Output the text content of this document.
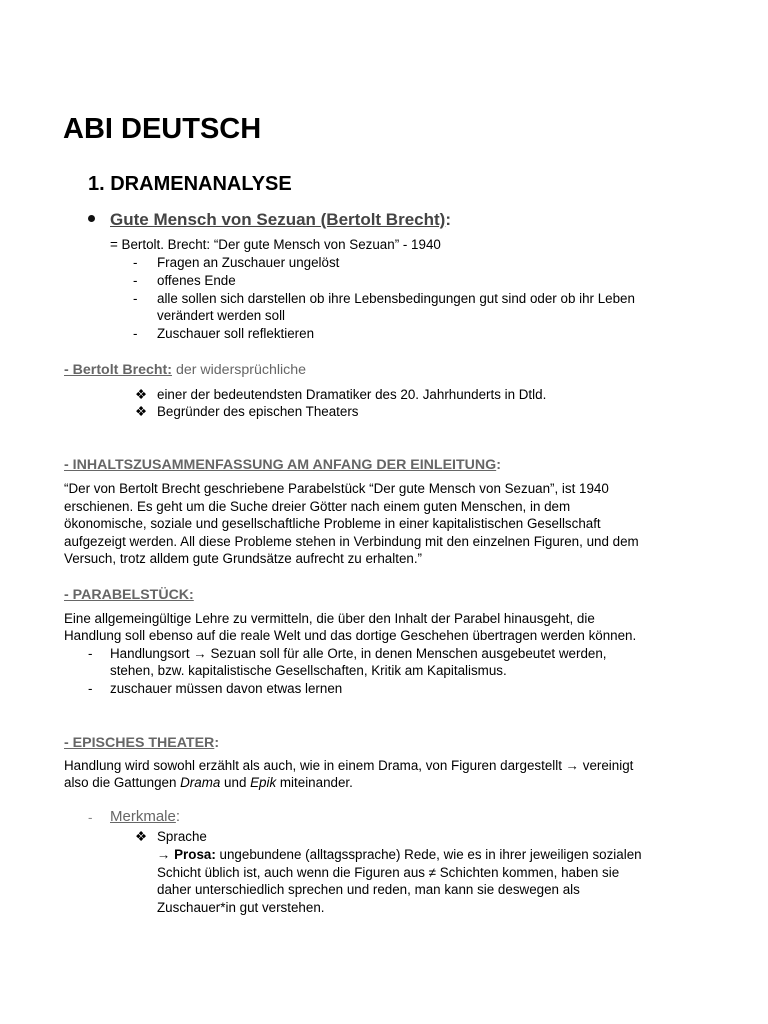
ABI DEUTSCH
1. DRAMENANALYSE
Gute Mensch von Sezuan (Bertolt Brecht):

= Bertolt. Brecht: “Der gute Mensch von Sezuan” - 1940

- Fragen an Zuschauer ungelöst

- offenes Ende

- alle sollen sich darstellen ob ihre Lebensbedingungen gut sind oder ob ihr Leben

verändert werden soll

- Zuschauer soll reflektieren

- Bertolt Brecht: der widersprüchliche
❖ einer der bedeutendsten Dramatiker des 20. Jahrhunderts in Dtld.

❖ Begründer des epischen Theaters

- INHALTSZUSAMMENFASSUNG AM ANFANG DER EINLEITUNG:

“Der von Bertolt Brecht geschriebene Parabelstück “Der gute Mensch von Sezuan”, ist 1940

erschienen. Es geht um die Suche dreier Götter nach einem guten Menschen, in dem

ökonomische, soziale und gesellschaftliche Probleme in einer kapitalistischen Gesellschaft

aufgezeigt werden. All diese Probleme stehen in Verbindung mit den einzelnen Figuren, und dem

Versuch, trotz alldem gute Grundsätze aufrecht zu erhalten.”

- PARABELSTÜCK:

Eine allgemeingültige Lehre zu vermitteln, die über den Inhalt der Parabel hinausgeht, die

Handlung soll ebenso auf die reale Welt und das dortige Geschehen übertragen werden können.

- Handlungsort → Sezuan soll für alle Orte, in denen Menschen ausgebeutet werden,

stehen, bzw. kapitalistische Gesellschaften, Kritik am Kapitalismus.

- zuschauer müssen davon etwas lernen

- EPISCHES THEATER:

Handlung wird sowohl erzählt als auch, wie in einem Drama, von Figuren dargestellt → vereinigt

also die Gattungen Drama und Epik miteinander.

- Merkmale:
❖ Sprache

→ Prosa: ungebundene (alltagssprache) Rede, wie es in ihrer jeweiligen sozialen

Schicht üblich ist, auch wenn die Figuren aus ≠ Schichten kommen, haben sie

daher unterschiedlich sprechen und reden, man kann sie deswegen als

Zuschauer*in gut verstehen.
